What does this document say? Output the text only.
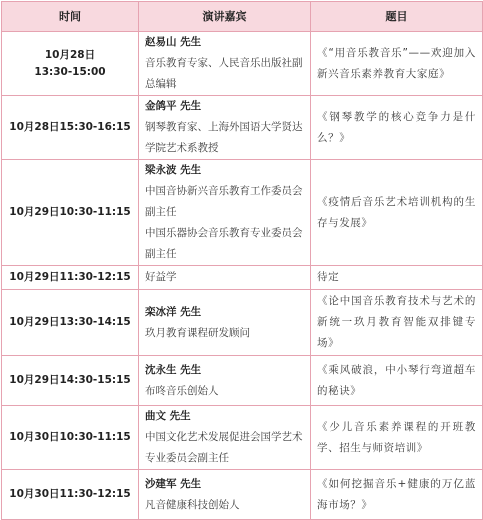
时间	演讲嘉宾	题目

10月28日
13:30-15:00	赵易山 先生
音乐教育专家、人民音乐出版社副总编辑	《“用音乐教音乐”——欢迎加入新兴音乐素养教育大家庭》

10月28日15:30-16:15	金鸽平 先生
钢琴教育家、上海外国语大学贤达学院艺术系教授	《钢琴教学的核心竞争力是什么？》

10月29日10:30-11:15	梁永波 先生
中国音协新兴音乐教育工作委员会副主任
中国乐器协会音乐教育专业委员会副主任	《疫情后音乐艺术培训机构的生存与发展》

10月29日11:30-12:15	好益学	待定

10月29日13:30-14:15	栾冰洋 先生
玖月教育课程研发顾问	《论中国音乐教育技术与艺术的新统一玖月教育智能双排键专场》

10月29日14:30-15:15	沈永生 先生
布咚音乐创始人	《乘风破浪，中小琴行弯道超车的秘诀》

10月30日10:30-11:15	曲文 先生
中国文化艺术发展促进会国学艺术专业委员会副主任	《少儿音乐素养课程的开班教学、招生与师资培训》

10月30日11:30-12:15	沙建军 先生
凡音健康科技创始人	《如何挖掘音乐+健康的万亿蓝海市场？》
